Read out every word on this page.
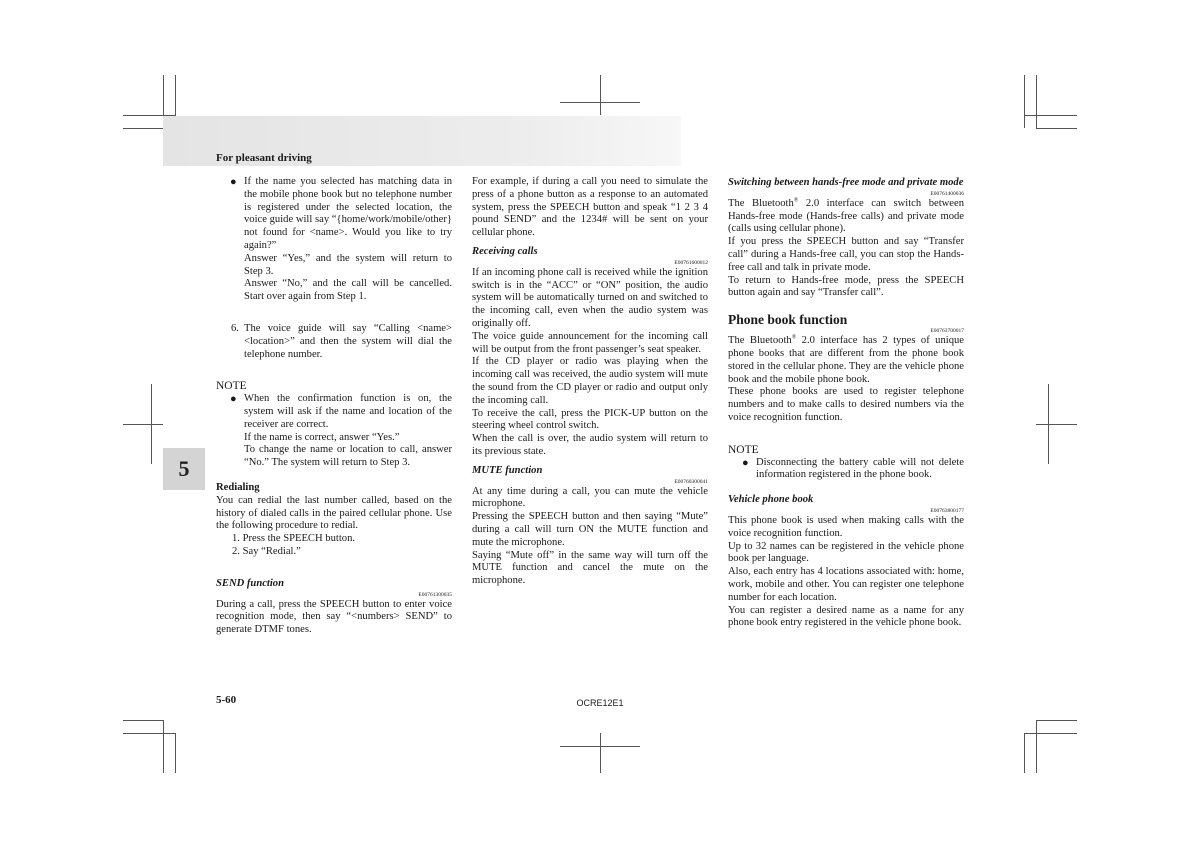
For pleasant driving
5
● If the name you selected has matching data in the mobile phone book but no telephone number is registered under the selected location, the voice guide will say “{home/work/mobile/other} not found for <name>. Would you like to try again?”

Answer “Yes,” and the system will return to Step 3.

Answer “No,” and the call will be cancelled. Start over again from Step 1.

6. The voice guide will say “Calling <name> <location>” and then the system will dial the telephone number.

NOTE
● When the confirmation function is on, the system will ask if the name and location of the receiver are correct.

If the name is correct, answer “Yes.”

To change the name or location to call, answer “No.” The system will return to Step 3.

Redialing

You can redial the last number called, based on the history of dialed calls in the paired cellular phone. Use the following procedure to redial.

1. Press the SPEECH button.

2. Say “Redial.”

SEND function
E00761300035

During a call, press the SPEECH button to enter voice recognition mode, then say “<numbers> SEND” to generate DTMF tones.

For example, if during a call you need to simulate the press of a phone button as a response to an automated system, press the SPEECH button and speak “1 2 3 4 pound SEND” and the 1234# will be sent on your cellular phone.

Receiving calls
E00761600012

If an incoming phone call is received while the ignition switch is in the “ACC” or “ON” position, the audio system will be automatically turned on and switched to the incoming call, even when the audio system was originally off.

The voice guide announcement for the incoming call will be output from the front passenger’s seat speaker.

If the CD player or radio was playing when the incoming call was received, the audio system will mute the sound from the CD player or radio and output only the incoming call.

To receive the call, press the PICK-UP button on the steering wheel control switch.

When the call is over, the audio system will return to its previous state.

MUTE function
E00760300041

At any time during a call, you can mute the vehicle microphone.

Pressing the SPEECH button and then saying “Mute” during a call will turn ON the MUTE function and mute the microphone.

Saying “Mute off” in the same way will turn off the MUTE function and cancel the mute on the microphone.

Switching between hands-free mode and private mode
E00761400036

The Bluetooth® 2.0 interface can switch between Hands-free mode (Hands-free calls) and private mode (calls using cellular phone).

If you press the SPEECH button and say “Transfer call” during a Hands-free call, you can stop the Hands-free call and talk in private mode.

To return to Hands-free mode, press the SPEECH button again and say “Transfer call”.

Phone book function
E00763700017

The Bluetooth® 2.0 interface has 2 types of unique phone books that are different from the phone book stored in the cellular phone. They are the vehicle phone book and the mobile phone book.

These phone books are used to register telephone numbers and to make calls to desired numbers via the voice recognition function.

NOTE
● Disconnecting the battery cable will not delete information registered in the phone book.

Vehicle phone book
E00763800177

This phone book is used when making calls with the voice recognition function.

Up to 32 names can be registered in the vehicle phone book per language.

Also, each entry has 4 locations associated with: home, work, mobile and other. You can register one telephone number for each location.

You can register a desired name as a name for any phone book entry registered in the vehicle phone book.

5-60	OCRE12E1
